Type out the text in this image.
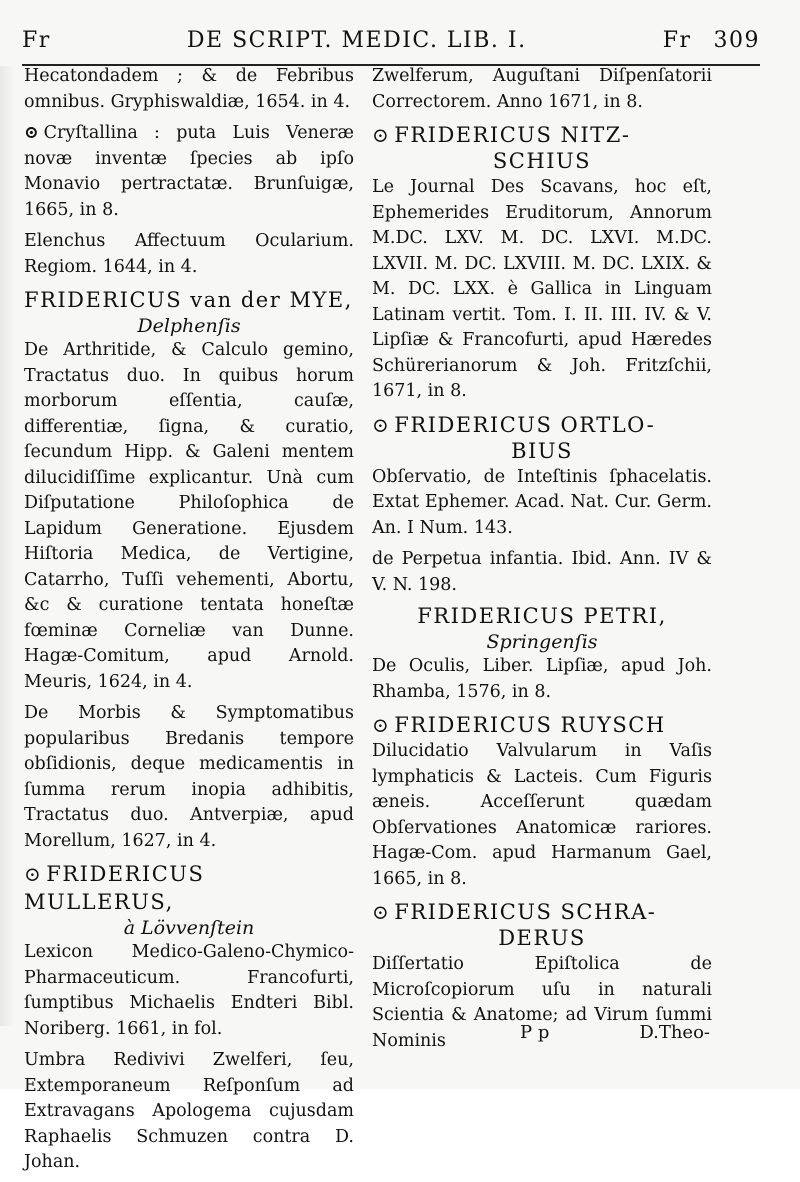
Fr	DE SCRIPT. MEDIC. LIB. I.	Fr 309

Hecatondadem ; & de Febribus omnibus. Gryphiswaldiæ, 1654. in 4.

⊙ Cryſtallina : puta Luis Veneræ novæ inventæ ſpecies ab ipſo Monavio pertractatæ. Brunſuigæ, 1665, in 8.

Elenchus Affectuum Ocularium. Regiom. 1644, in 4.

FRIDERICUS van der MYE,
Delphenſis

De Arthritide, & Calculo gemino, Tractatus duo. In quibus horum morborum eſſentia, cauſæ, differentiæ, ſigna, & curatio, ſecundum Hipp. & Galeni mentem dilucidiſſime explicantur. Unà cum Diſputatione Philoſophica de Lapidum Generatione. Ejusdem Hiſtoria Medica, de Vertigine, Catarrho, Tuſſi vehementi, Abortu, &c & curatione tentata honeſtæ fœminæ Corneliæ van Dunne. Hagæ-Comitum, apud Arnold. Meuris, 1624, in 4.

De Morbis & Symptomatibus popularibus Bredanis tempore obſidionis, deque medicamentis in ſumma rerum inopia adhibitis, Tractatus duo. Antverpiæ, apud Morellum, 1627, in 4.

⊙ FRIDERICUS MULLERUS,
à Lövvenſtein

Lexicon Medico-Galeno-Chymico-Pharmaceuticum. Francofurti, ſumptibus Michaelis Endteri Bibl. Noriberg. 1661, in fol.

Umbra Redivivi Zwelferi, ſeu, Extemporaneum Reſponſum ad Extravagans Apologema cujusdam Raphaelis Schmuzen contra D. Johan.

Zwelferum, Auguſtani Diſpenſatorii Correctorem. Anno 1671, in 8.

⊙ FRIDERICUS NITZ-
SCHIUS

Le Journal Des Scavans, hoc eſt, Ephemerides Eruditorum, Annorum M.DC. LXV. M. DC. LXVI. M.DC. LXVII. M. DC. LXVIII. M. DC. LXIX. & M. DC. LXX. è Gallica in Linguam Latinam vertit. Tom. I. II. III. IV. & V. Lipſiæ & Francofurti, apud Hæredes Schürerianorum & Joh. Fritzſchii, 1671, in 8.

⊙ FRIDERICUS ORTLO-
BIUS

Obſervatio, de Inteſtinis ſphacelatis. Extat Ephemer. Acad. Nat. Cur. Germ. An. I Num. 143.

de Perpetua infantia. Ibid. Ann. IV & V. N. 198.

FRIDERICUS PETRI,
Springenſis

De Oculis, Liber. Lipſiæ, apud Joh. Rhamba, 1576, in 8.

⊙ FRIDERICUS RUYSCH

Dilucidatio Valvularum in Vaſis lymphaticis & Lacteis. Cum Figuris æneis. Acceſſerunt quædam Obſervationes Anatomicæ rariores. Hagæ-Com. apud Harmanum Gael, 1665, in 8.

⊙ FRIDERICUS SCHRA-
DERUS

Diſſertatio Epiſtolica de Microſcopiorum uſu in naturali Scientia & Anatome; ad Virum ſummi Nominis	P p	D.Theo-
